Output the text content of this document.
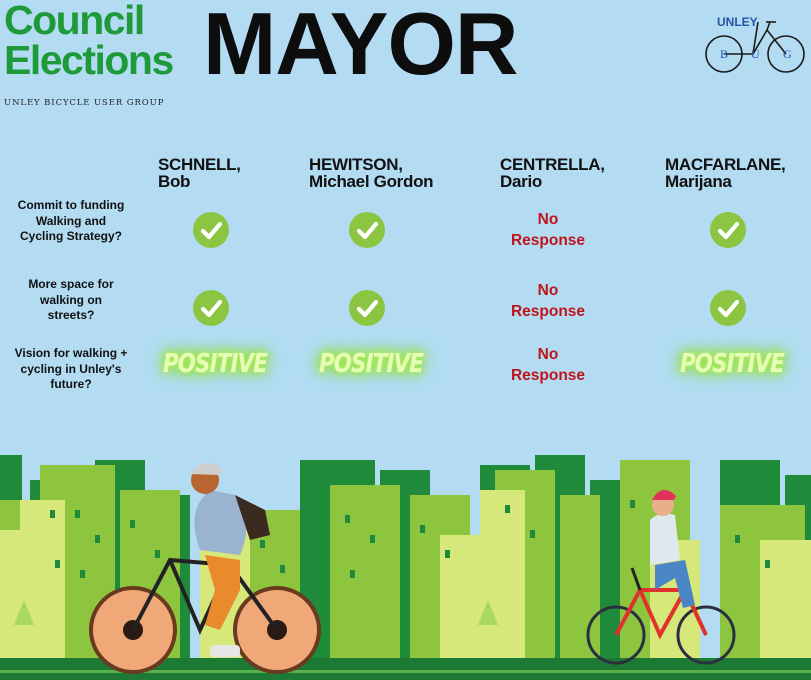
Council
Elections MAYOR
UNLEY BICYCLE USER GROUP
UNLEY
B U G
SCHNELL,
Bob
HEWITSON,
Michael Gordon
CENTRELLA,
Dario
MACFARLANE,
Marijana
Commit to funding
Walking and
Cycling Strategy?
More space for
walking on
streets?
Vision for walking +
cycling in Unley's
future?
No
Response
No
Response
POSITIVE POSITIVE	No
Response	POSITIVE
